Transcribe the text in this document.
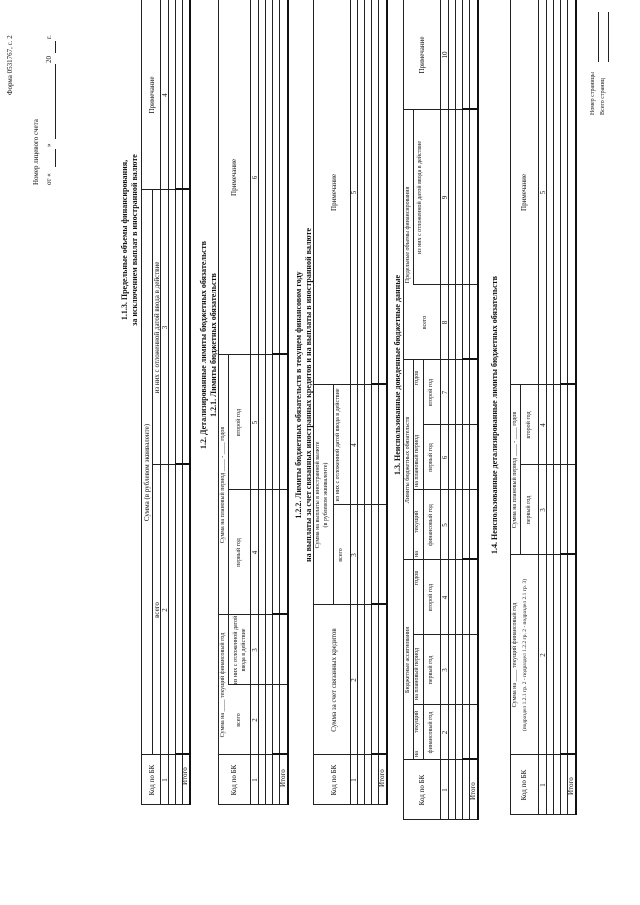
Форма 0531767, с. 2
Номер лицевого счета от «
»
20
г.
1.1.3. Предельные объемы финансирования, за исключением выплат в иностранной валюте
Код по БК
Сумма (в рублевом эквиваленте)
всего
из них с отложенной датой ввода в действие
Примечание
1
2
3
4
Итого
1.2. Детализированные лимиты бюджетных обязательств 1.2.1. Лимиты бюджетных обязательств
Код по БК
Сумма на ____ текущий финансовый год
Сумма на плановый период ____ - ____ годов
всего
из них с отложенной датой ввода в действие
первый год
второй год
Примечание
1
2
3
4
5
6
Итого
1.2.2. Лимиты бюджетных обязательств в текущем финансовом году на выплаты за счет связанных иностранных кредитов и на выплаты в иностранной валюте
Код по БК
Сумма за счет связанных кредитов
Сумма на выплаты в иностранной валюте (в рублевом эквиваленте)
всего
из них с отложенной датой ввода в действие
Примечание
1
2
3
4
5
Итого
1.3. Неиспользованные доведенные бюджетные данные
Код по БК
Бюджетные ассигнования
Лимиты бюджетных обязательств
Предельные объемы финансирования
на
текущий
на плановый период
годов
на
текущий
на плановый период
годов
финансовый год
первый год
второй год
финансовый год
первый год
второй год
всего
из них с отложенной датой ввода в действие
Примечание
1
2
3
4
5
6
7
8
9
10
Итого
1.4. Неиспользованные детализированные лимиты бюджетных обязательств
Код по БК
Сумма на ____ текущий финансовый год (подраздел 1.2.1 гр. 2 - подраздел 1.2.2 гр. 2 - подраздел 2.1 гр. 3)
Сумма на плановый период ____ - ____ годов первый год
второй год
Примечание
1
2
3
4
5
Итого
Номер страницы Всего страниц
